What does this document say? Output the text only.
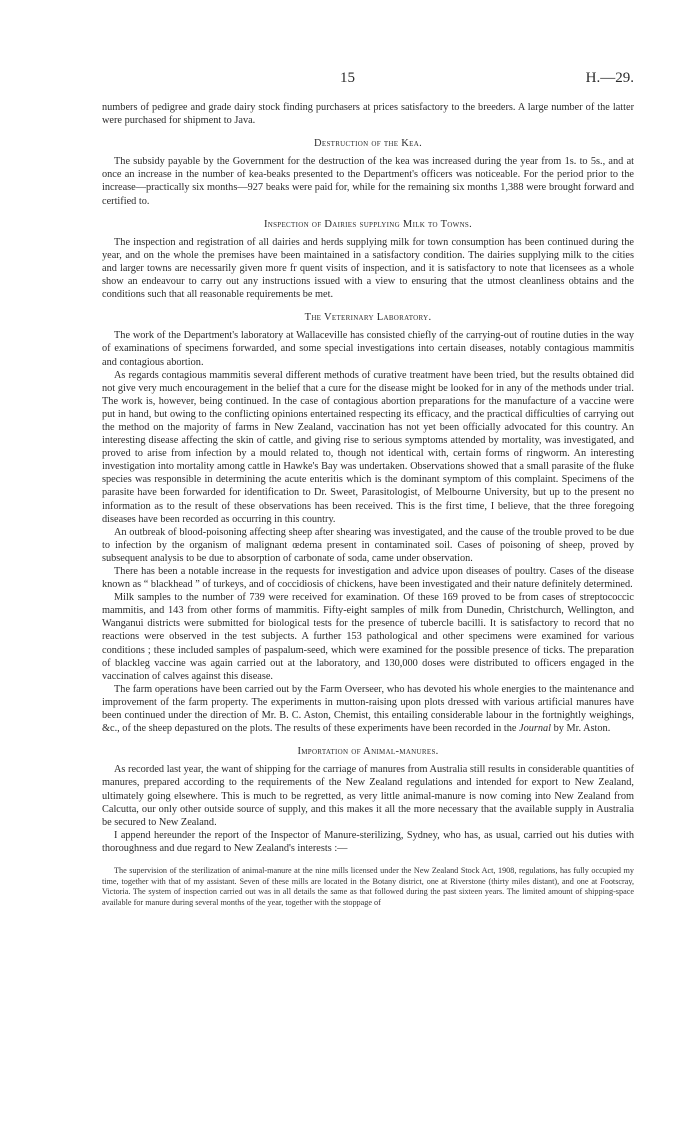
15	H.—29.

numbers of pedigree and grade dairy stock finding purchasers at prices satisfactory to the breeders. A large number of the latter were purchased for shipment to Java.

Destruction of the Kea.

The subsidy payable by the Government for the destruction of the kea was increased during the year from 1s. to 5s., and at once an increase in the number of kea-beaks presented to the Department's officers was noticeable. For the period prior to the increase—practically six months—927 beaks were paid for, while for the remaining six months 1,388 were brought forward and certified to.

Inspection of Dairies supplying Milk to Towns.

The inspection and registration of all dairies and herds supplying milk for town consumption has been continued during the year, and on the whole the premises have been maintained in a satisfactory condition. The dairies supplying milk to the cities and larger towns are necessarily given more fr quent visits of inspection, and it is satisfactory to note that licensees as a whole show an endeavour to carry out any instructions issued with a view to ensuring that the utmost cleanliness obtains and the conditions such that all reasonable requirements be met.

The Veterinary Laboratory.

The work of the Department's laboratory at Wallaceville has consisted chiefly of the carrying-out of routine duties in the way of examinations of specimens forwarded, and some special investigations into certain diseases, notably contagious mammitis and contagious abortion.

As regards contagious mammitis several different methods of curative treatment have been tried, but the results obtained did not give very much encouragement in the belief that a cure for the disease might be looked for in any of the methods under trial. The work is, however, being continued. In the case of contagious abortion preparations for the manufacture of a vaccine were put in hand, but owing to the conflicting opinions entertained respecting its efficacy, and the practical difficulties of carrying out the method on the majority of farms in New Zealand, vaccination has not yet been officially advocated for this country. An interesting disease affecting the skin of cattle, and giving rise to serious symptoms attended by mortality, was investigated, and proved to arise from infection by a mould related to, though not identical with, certain forms of ringworm. An interesting investigation into mortality among cattle in Hawke's Bay was undertaken. Observations showed that a small parasite of the fluke species was responsible in determining the acute enteritis which is the dominant symptom of this complaint. Specimens of the parasite have been forwarded for identification to Dr. Sweet, Parasitologist, of Melbourne University, but up to the present no information as to the result of these observations has been received. This is the first time, I believe, that the three foregoing diseases have been recorded as occurring in this country.

An outbreak of blood-poisoning affecting sheep after shearing was investigated, and the cause of the trouble proved to be due to infection by the organism of malignant œdema present in contaminated soil. Cases of poisoning of sheep, proved by subsequent analysis to be due to absorption of carbonate of soda, came under observation.

There has been a notable increase in the requests for investigation and advice upon diseases of poultry. Cases of the disease known as “ blackhead ” of turkeys, and of coccidiosis of chickens, have been investigated and their nature definitely determined.

Milk samples to the number of 739 were received for examination. Of these 169 proved to be from cases of streptococcic mammitis, and 143 from other forms of mammitis. Fifty-eight samples of milk from Dunedin, Christchurch, Wellington, and Wanganui districts were submitted for biological tests for the presence of tubercle bacilli. It is satisfactory to record that no reactions were observed in the test subjects. A further 153 pathological and other specimens were examined for various conditions ; these included samples of paspalum-seed, which were examined for the possible presence of ticks. The preparation of blackleg vaccine was again carried out at the laboratory, and 130,000 doses were distributed to officers engaged in the vaccination of calves against this disease.

The farm operations have been carried out by the Farm Overseer, who has devoted his whole energies to the maintenance and improvement of the farm property. The experiments in mutton-raising upon plots dressed with various artificial manures have been continued under the direction of Mr. B. C. Aston, Chemist, this entailing considerable labour in the fortnightly weighings, &c., of the sheep depastured on the plots. The results of these experiments have been recorded in the Journal by Mr. Aston.

Importation of Animal-manures.

As recorded last year, the want of shipping for the carriage of manures from Australia still results in considerable quantities of manures, prepared according to the requirements of the New Zealand regulations and intended for export to New Zealand, ultimately going elsewhere. This is much to be regretted, as very little animal-manure is now coming into New Zealand from Calcutta, our only other outside source of supply, and this makes it all the more necessary that the available supply in Australia be secured to New Zealand.

I append hereunder the report of the Inspector of Manure-sterilizing, Sydney, who has, as usual, carried out his duties with thoroughness and due regard to New Zealand's interests :—

The supervision of the sterilization of animal-manure at the nine mills licensed under the New Zealand Stock Act, 1908, regulations, has fully occupied my time, together with that of my assistant. Seven of these mills are located in the Botany district, one at Riverstone (thirty miles distant), and one at Footscray, Victoria. The system of inspection carried out was in all details the same as that followed during the past sixteen years. The limited amount of shipping-space available for manure during several months of the year, together with the stoppage of
